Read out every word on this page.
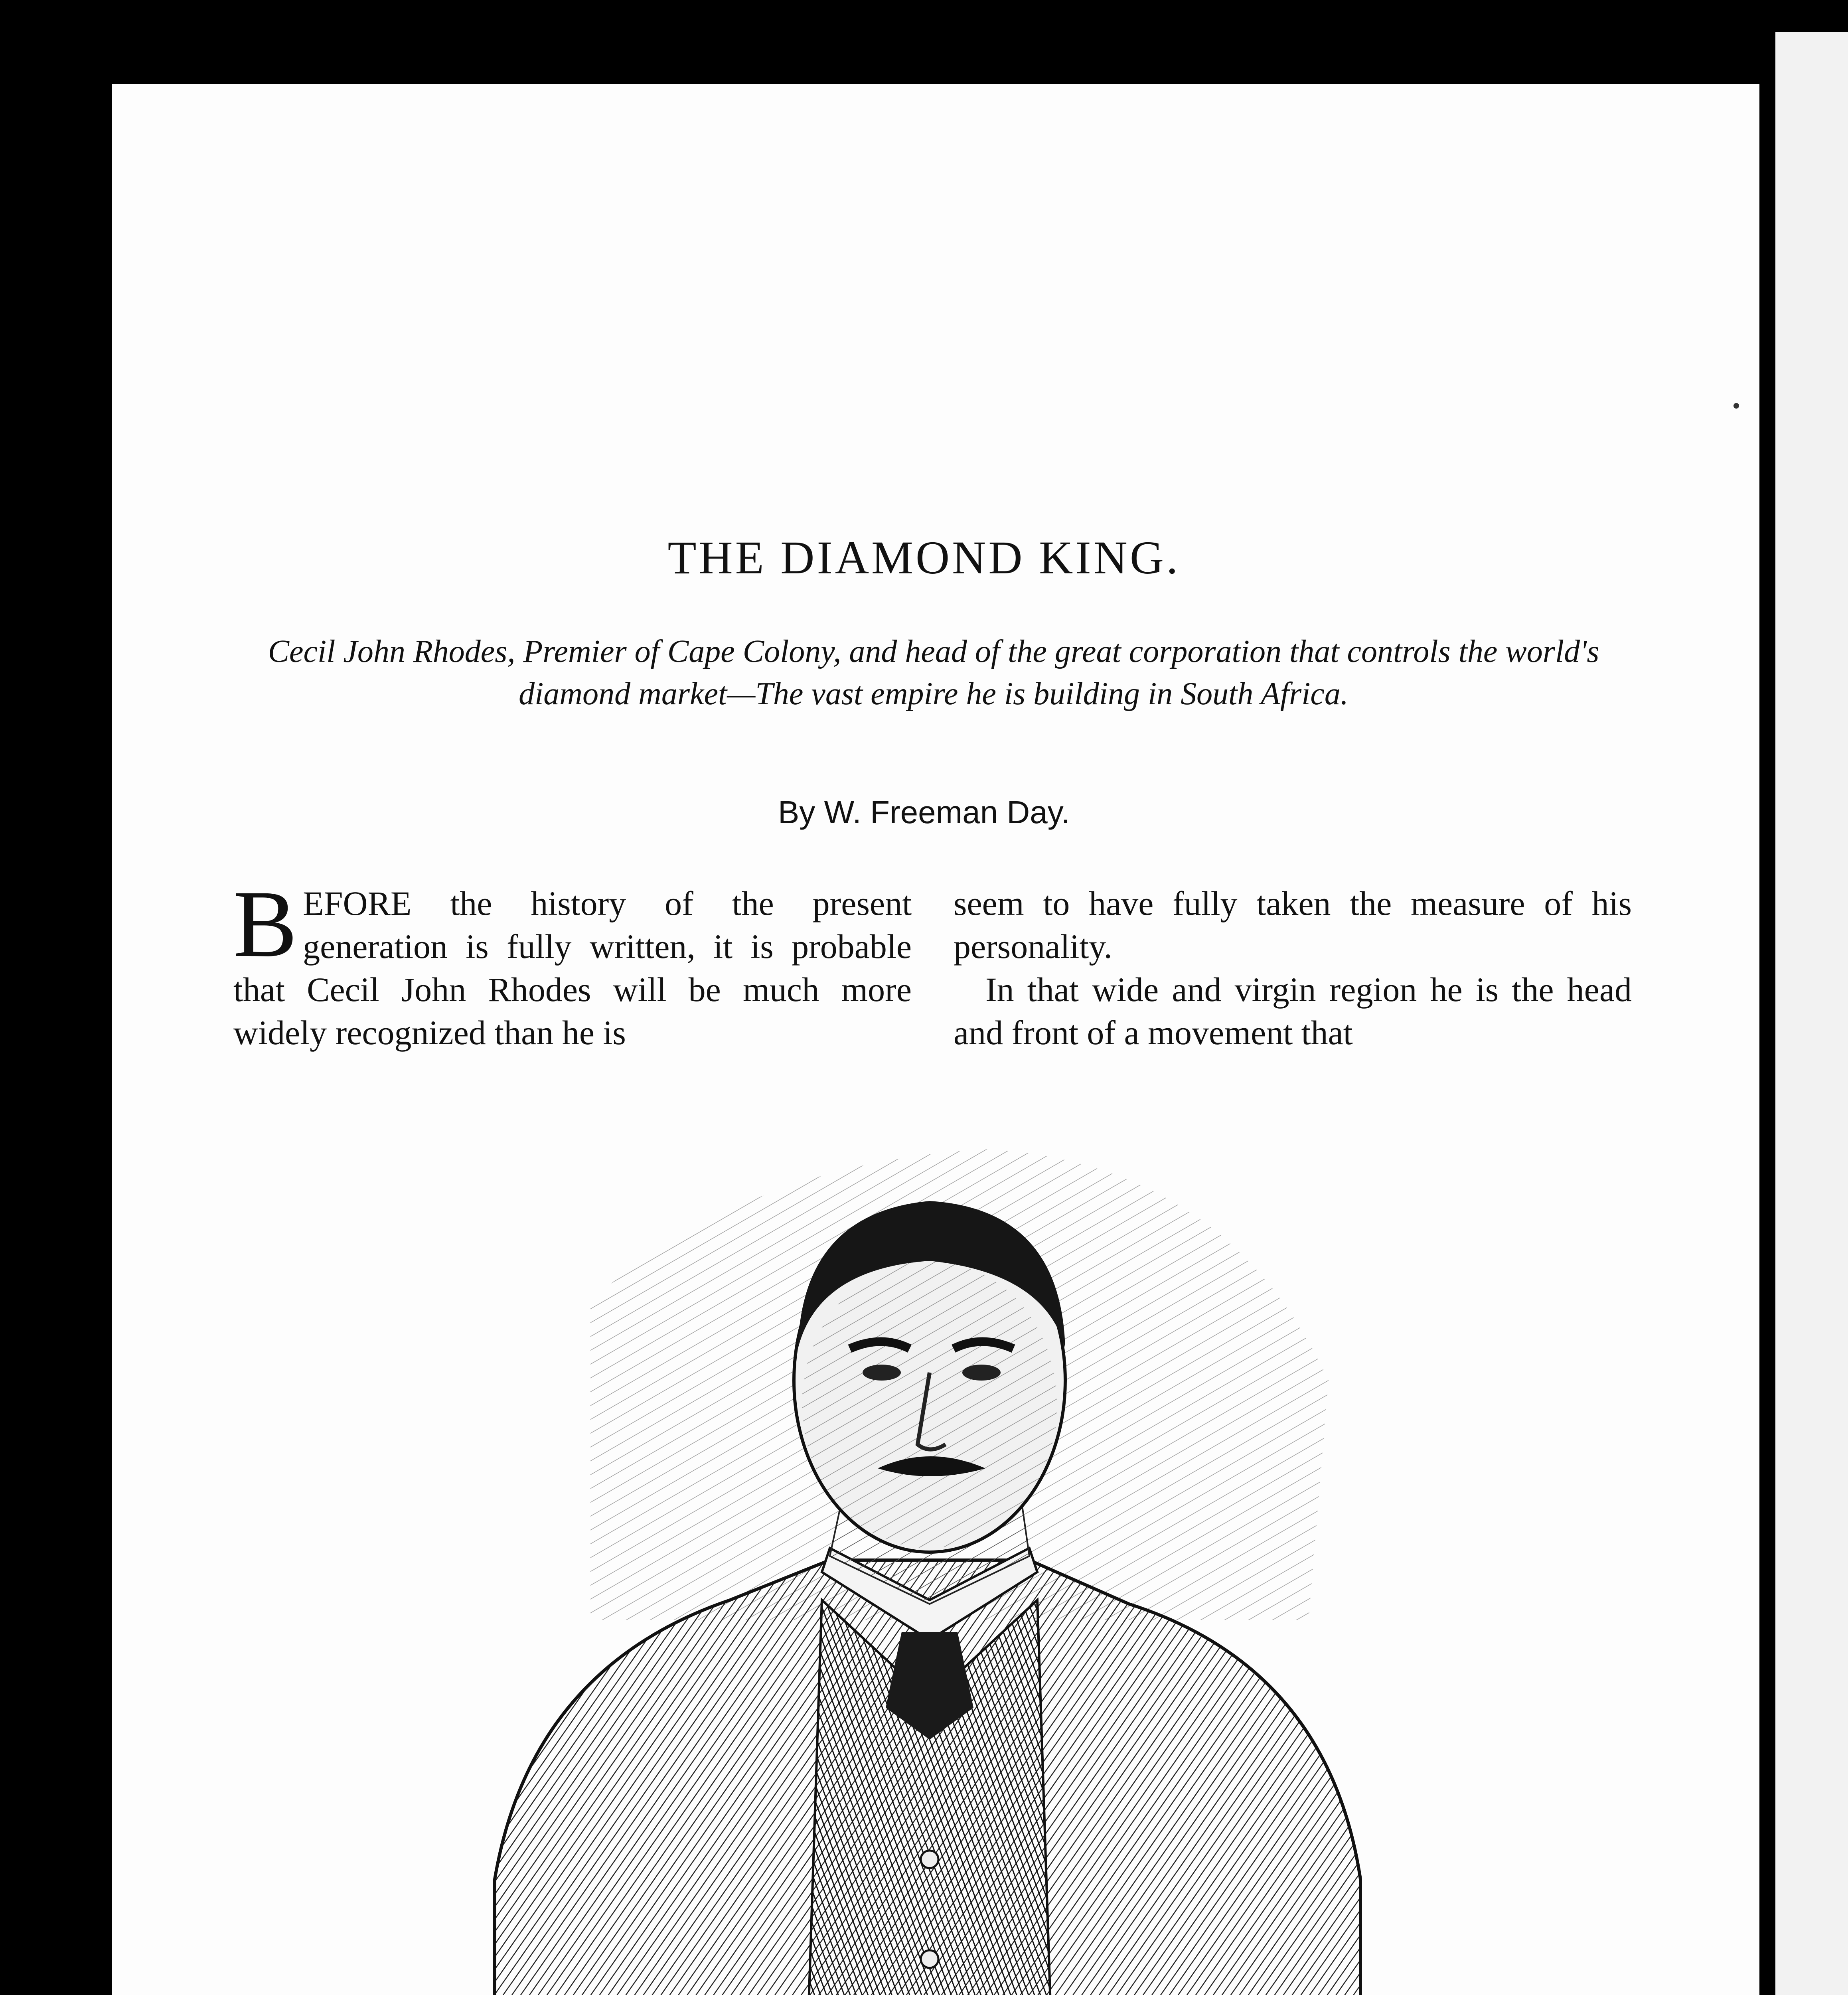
THE DIAMOND KING.
Cecil John Rhodes, Premier of Cape Colony, and head of the great corporation that controls the world's diamond market—The vast empire he is building in South Africa.
By W. Freeman Day.
B EFORE the history of the present generation is fully written, it is probable that Cecil John Rhodes will be much more widely recognized than he is

seem to have fully taken the measure of his personality.

In that wide and virgin region he is the head and front of a movement that
